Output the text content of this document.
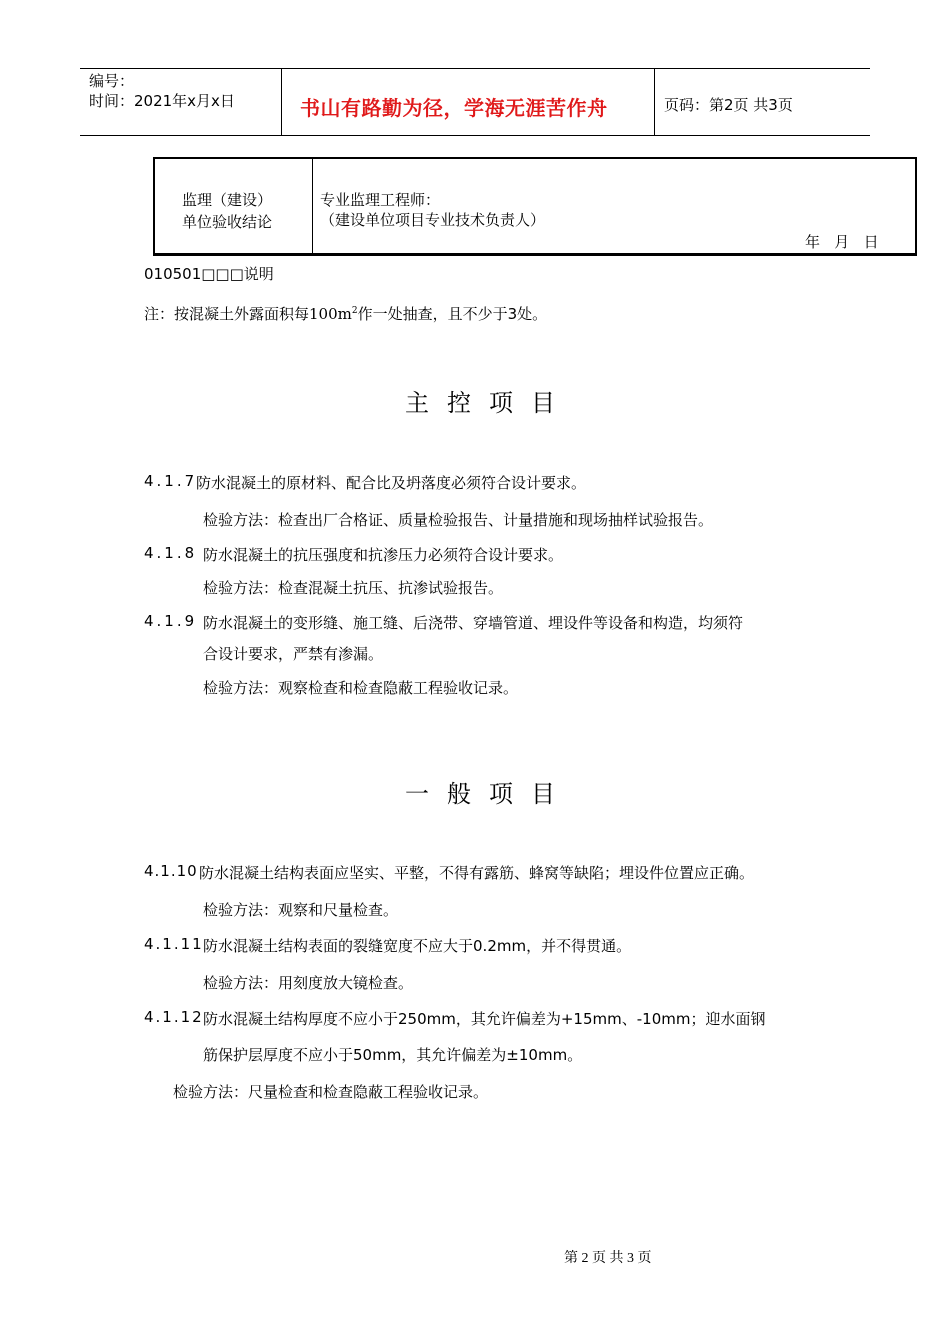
编号：
时间：2021年x月x日	书山有路勤为径，学海无涯苦作舟	页码：第2页 共3页
监理（建设）
单位验收结论
专业监理工程师：
（建设单位项目专业技术负责人）
年   月   日
010501□□□说明
注：按混凝土外露面积每$100m^2$作一处抽查，且不少于3处。
主控项目
4.1.7
防水混凝土的原材料、配合比及坍落度必须符合设计要求。
检验方法：检查出厂合格证、质量检验报告、计量措施和现场抽样试验报告。
4.1.8 防水混凝土的抗压强度和抗渗压力必须符合设计要求。
检验方法：检查混凝土抗压、抗渗试验报告。
4.1.9 防水混凝土的变形缝、施工缝、后浇带、穿墙管道、埋设件等设备和构造，均须符
合设计要求，严禁有渗漏。
检验方法：观察检查和检查隐蔽工程验收记录。
一般项目
4.1.10 防水混凝土结构表面应坚实、平整，不得有露筋、蜂窝等缺陷；埋设件位置应正确。
检验方法：观察和尺量检查。
4.1.11 防水混凝土结构表面的裂缝宽度不应大于0.2mm，并不得贯通。
检验方法：用刻度放大镜检查。
4.1.12 防水混凝土结构厚度不应小于250mm，其允许偏差为+15mm、-10mm；迎水面钢
筋保护层厚度不应小于50mm，其允许偏差为±10mm。
检验方法：尺量检查和检查隐蔽工程验收记录。
第 2 页 共 3 页
